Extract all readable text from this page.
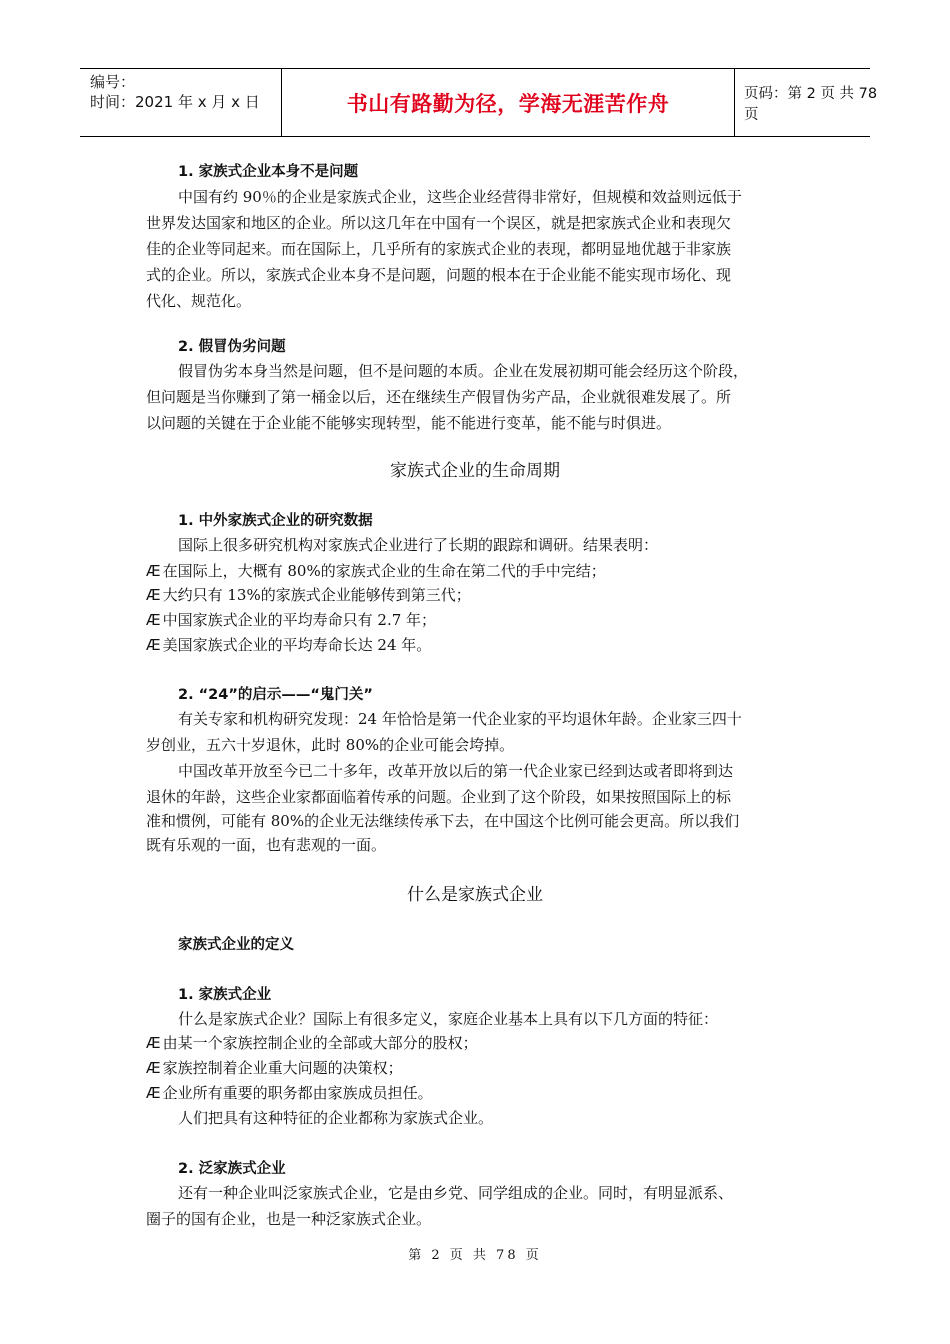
编号：
时间：2021 年 x 月 x 日	书山有路勤为径，学海无涯苦作舟	页码：第 2 页 共 78 页
1. 家族式企业本身不是问题
中国有约 90％的企业是家族式企业，这些企业经营得非常好，但规模和效益则远低于
世界发达国家和地区的企业。所以这几年在中国有一个误区，就是把家族式企业和表现欠
佳的企业等同起来。而在国际上，几乎所有的家族式企业的表现，都明显地优越于非家族
式的企业。所以，家族式企业本身不是问题，问题的根本在于企业能不能实现市场化、现
代化、规范化。
2. 假冒伪劣问题
假冒伪劣本身当然是问题，但不是问题的本质。企业在发展初期可能会经历这个阶段，
但问题是当你赚到了第一桶金以后，还在继续生产假冒伪劣产品，企业就很难发展了。所
以问题的关键在于企业能不能够实现转型，能不能进行变革，能不能与时俱进。
家族式企业的生命周期
1. 中外家族式企业的研究数据
国际上很多研究机构对家族式企业进行了长期的跟踪和调研。结果表明：
Æ 在国际上，大概有 80%的家族式企业的生命在第二代的手中完结；
Æ 大约只有 13%的家族式企业能够传到第三代；
Æ 中国家族式企业的平均寿命只有 2.7 年；
Æ 美国家族式企业的平均寿命长达 24 年。
2. “24”的启示——“鬼门关”
有关专家和机构研究发现：24 年恰恰是第一代企业家的平均退休年龄。企业家三四十
岁创业，五六十岁退休，此时 80%的企业可能会垮掉。
中国改革开放至今已二十多年，改革开放以后的第一代企业家已经到达或者即将到达
退休的年龄，这些企业家都面临着传承的问题。企业到了这个阶段，如果按照国际上的标
准和惯例，可能有 80%的企业无法继续传承下去，在中国这个比例可能会更高。所以我们
既有乐观的一面，也有悲观的一面。
什么是家族式企业
家族式企业的定义
1. 家族式企业
什么是家族式企业？国际上有很多定义，家庭企业基本上具有以下几方面的特征：
Æ 由某一个家族控制企业的全部或大部分的股权；
Æ 家族控制着企业重大问题的决策权；
Æ 企业所有重要的职务都由家族成员担任。
人们把具有这种特征的企业都称为家族式企业。
2. 泛家族式企业
还有一种企业叫泛家族式企业，它是由乡党、同学组成的企业。同时，有明显派系、
圈子的国有企业，也是一种泛家族式企业。
第 2 页 共 78 页
